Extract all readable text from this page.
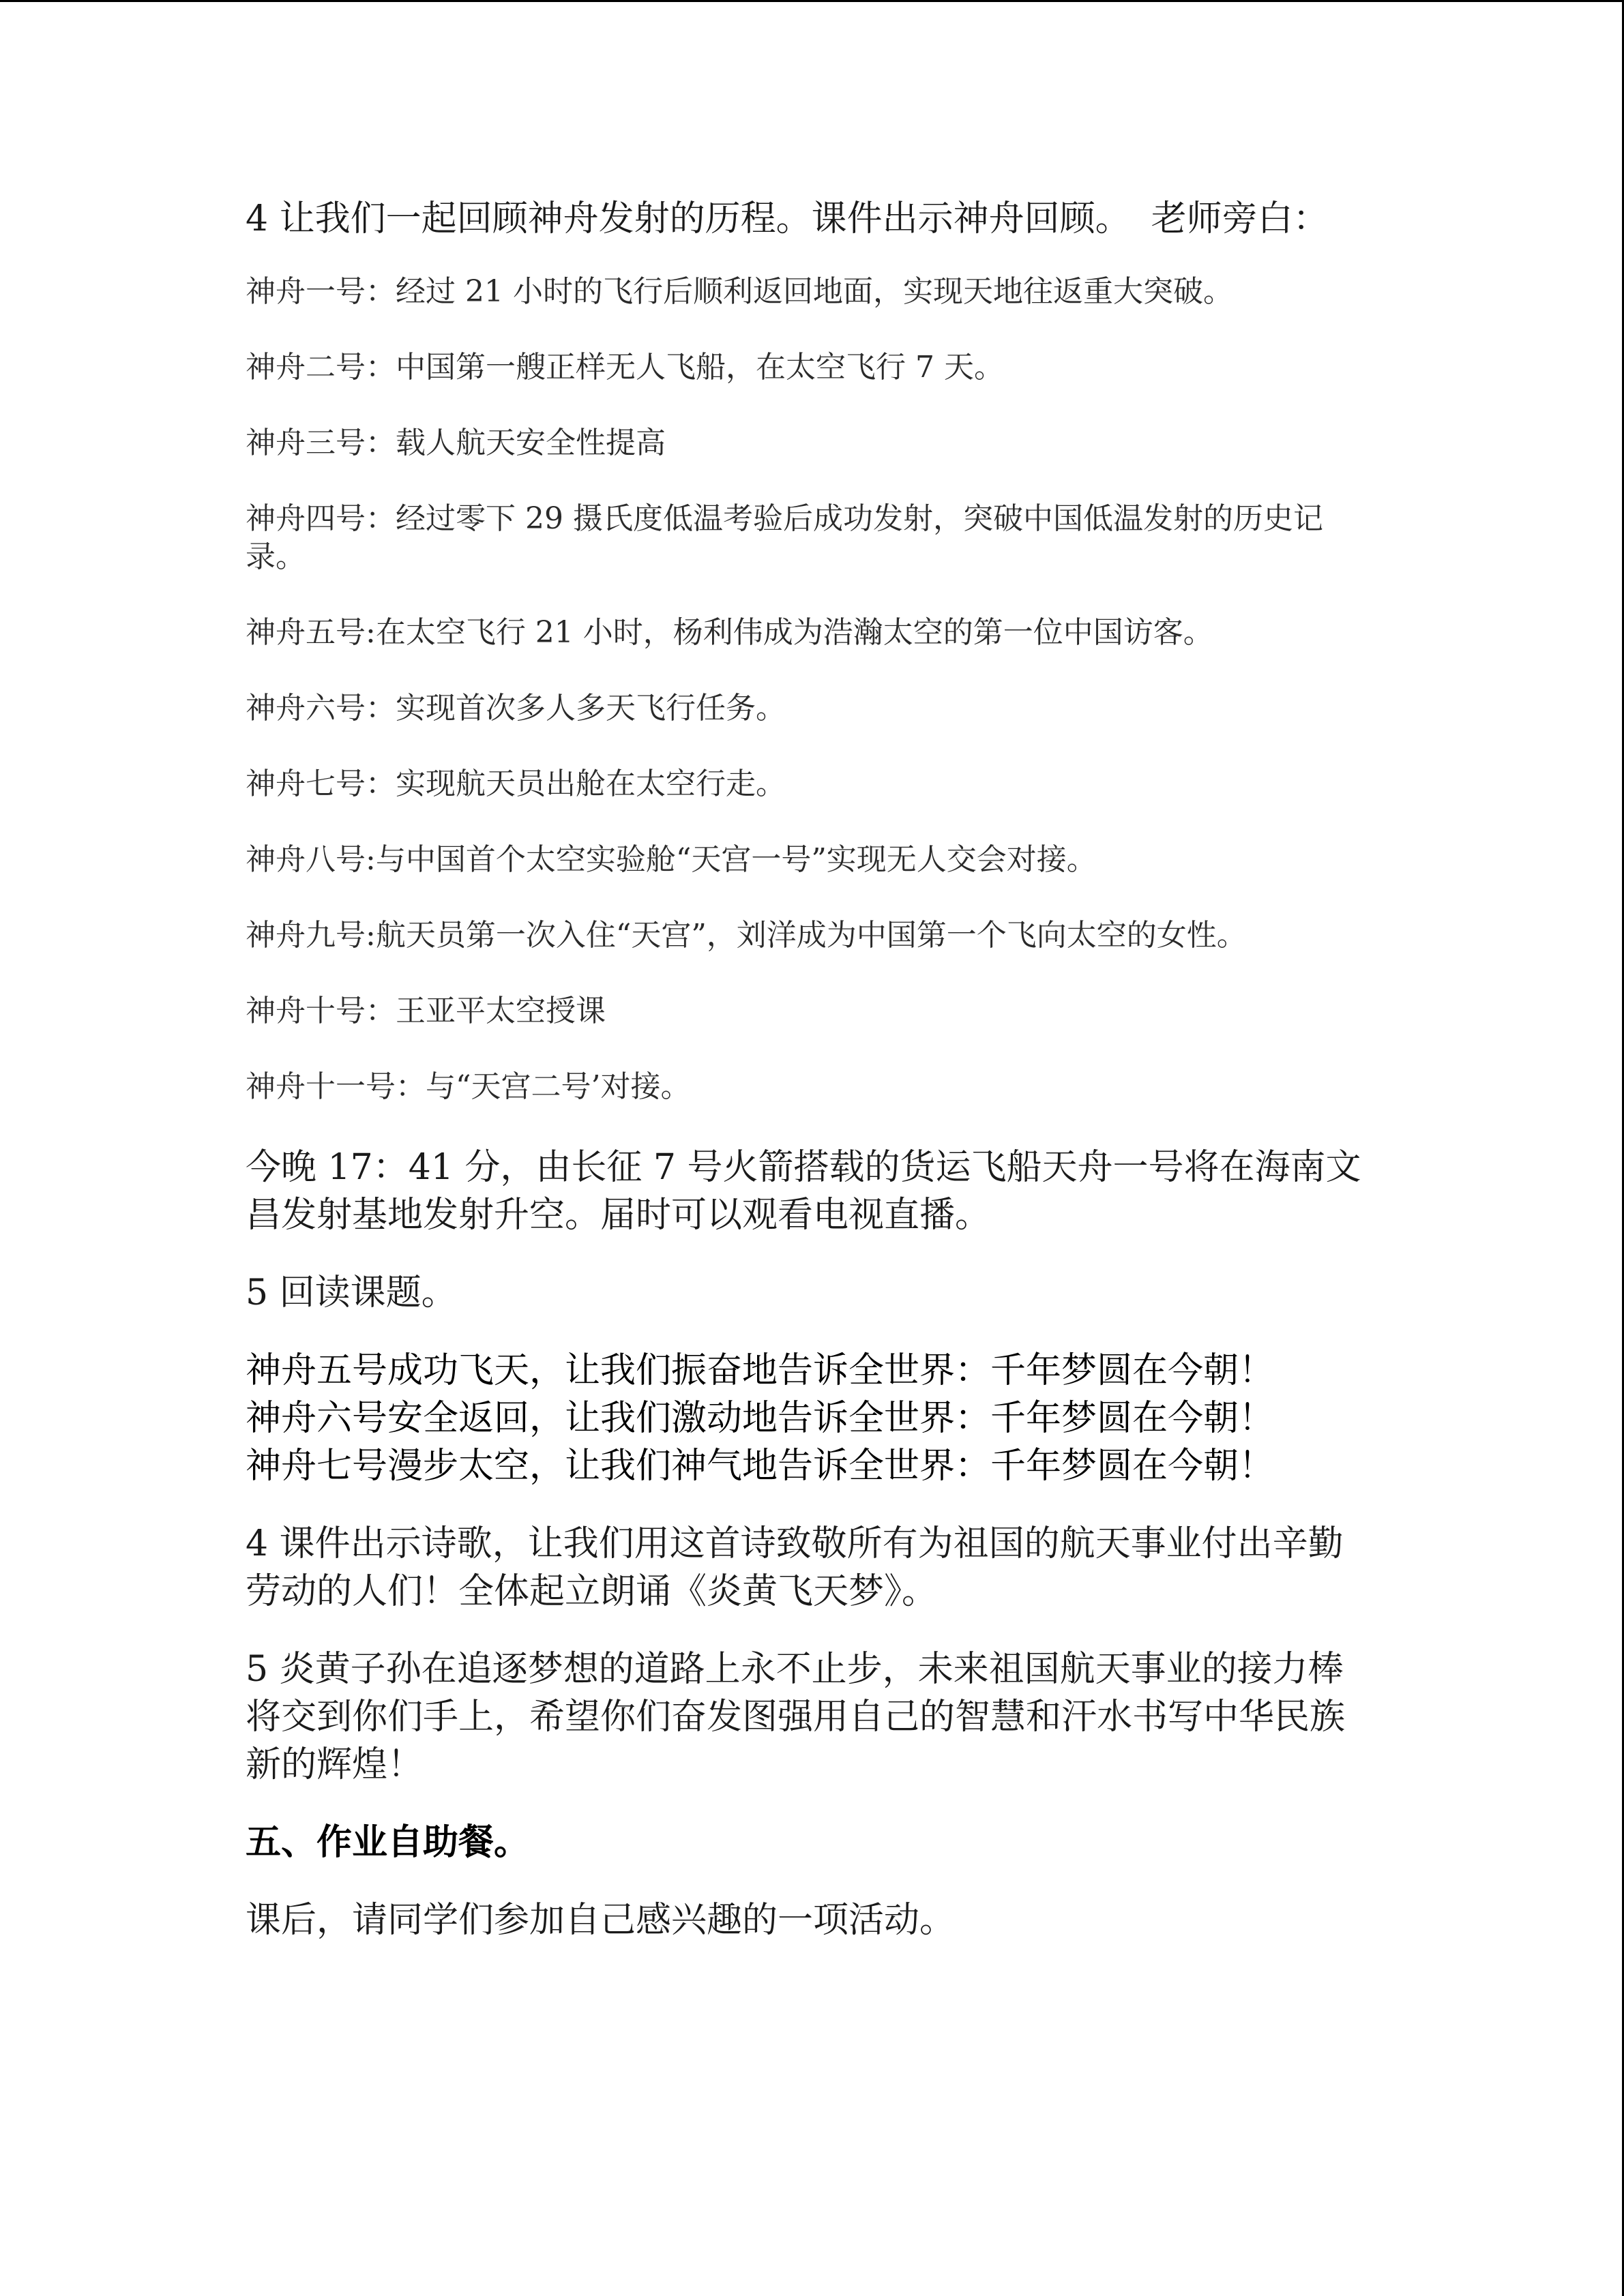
4 让我们一起回顾神舟发射的历程。课件出示神舟回顾。 老师旁白：

神舟一号：经过 21 小时的飞行后顺利返回地面，实现天地往返重大突破。

神舟二号：中国第一艘正样无人飞船，在太空飞行 7 天。

神舟三号：载人航天安全性提高

神舟四号：经过零下 29 摄氏度低温考验后成功发射，突破中国低温发射的历史记录。

神舟五号:在太空飞行 21 小时，杨利伟成为浩瀚太空的第一位中国访客。

神舟六号：实现首次多人多天飞行任务。

神舟七号：实现航天员出舱在太空行走。

神舟八号:与中国首个太空实验舱“天宫一号”实现无人交会对接。

神舟九号:航天员第一次入住“天宫”，刘洋成为中国第一个飞向太空的女性。

神舟十号：王亚平太空授课

神舟十一号：与“天宫二号’对接。

今晚 17：41 分，由长征 7 号火箭搭载的货运飞船天舟一号将在海南文昌发射基地发射升空。届时可以观看电视直播。

5 回读课题。

神舟五号成功飞天，让我们振奋地告诉全世界：千年梦圆在今朝！
神舟六号安全返回，让我们激动地告诉全世界：千年梦圆在今朝！
神舟七号漫步太空，让我们神气地告诉全世界：千年梦圆在今朝！

4 课件出示诗歌，让我们用这首诗致敬所有为祖国的航天事业付出辛勤劳动的人们！全体起立朗诵《炎黄飞天梦》。

5 炎黄子孙在追逐梦想的道路上永不止步，未来祖国航天事业的接力棒将交到你们手上，希望你们奋发图强用自己的智慧和汗水书写中华民族新的辉煌！

五、作业自助餐。

课后，请同学们参加自己感兴趣的一项活动。
